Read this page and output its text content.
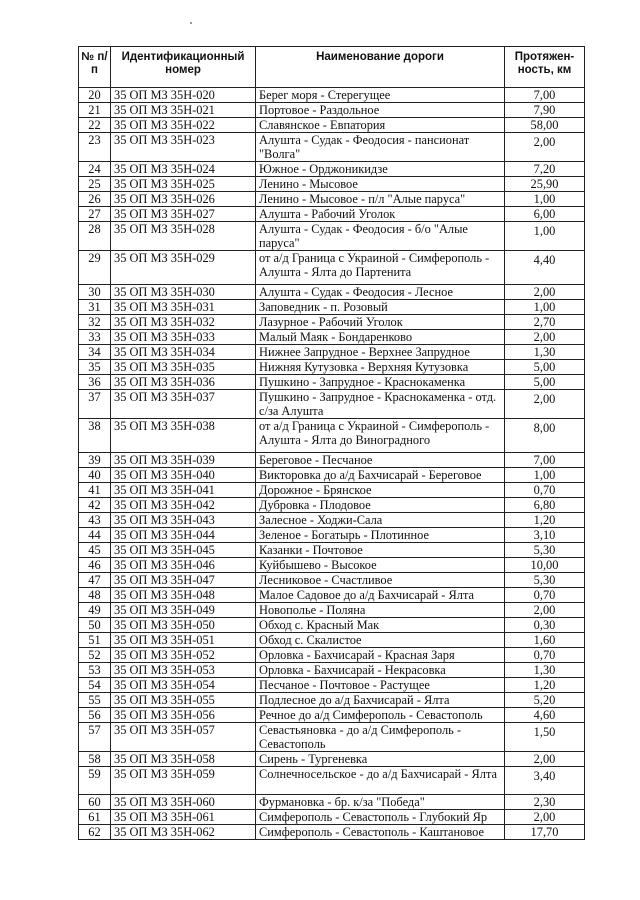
№ п/п	Идентификационный номер	Наименование дороги	Протяжен-ность, км
20	35 ОП МЗ 35Н-020	Берег моря - Стерегущее	7,00
21	35 ОП МЗ 35Н-021	Портовое - Раздольное	7,90
22	35 ОП МЗ 35Н-022	Славянское - Евпатория	58,00
23	35 ОП МЗ 35Н-023	Алушта - Судак - Феодосия - пансионат "Волга"	2,00
24	35 ОП МЗ 35Н-024	Южное - Орджоникидзе	7,20
25	35 ОП МЗ 35Н-025	Ленино - Мысовое	25,90
26	35 ОП МЗ 35Н-026	Ленино - Мысовое - п/л "Алые паруса"	1,00
27	35 ОП МЗ 35Н-027	Алушта - Рабочий Уголок	6,00
28	35 ОП МЗ 35Н-028	Алушта - Судак - Феодосия - б/о "Алые паруса"	1,00
29	35 ОП МЗ 35Н-029	от а/д Граница с Украиной - Симферополь - Алушта - Ялта до Партенита	4,40
30	35 ОП МЗ 35Н-030	Алушта - Судак - Феодосия - Лесное	2,00
31	35 ОП МЗ 35Н-031	Заповедник - п. Розовый	1,00
32	35 ОП МЗ 35Н-032	Лазурное - Рабочий Уголок	2,70
33	35 ОП МЗ 35Н-033	Малый Маяк - Бондаренково	2,00
34	35 ОП МЗ 35Н-034	Нижнее Запрудное - Верхнее Запрудное	1,30
35	35 ОП МЗ 35Н-035	Нижняя Кутузовка - Верхняя Кутузовка	5,00
36	35 ОП МЗ 35Н-036	Пушкино - Запрудное - Краснокаменка	5,00
37	35 ОП МЗ 35Н-037	Пушкино - Запрудное - Краснокаменка - отд. с/за Алушта	2,00
38	35 ОП МЗ 35Н-038	от а/д Граница с Украиной - Симферополь - Алушта - Ялта до Виноградного	8,00
39	35 ОП МЗ 35Н-039	Береговое - Песчаное	7,00
40	35 ОП МЗ 35Н-040	Викторовка до а/д Бахчисарай - Береговое	1,00
41	35 ОП МЗ 35Н-041	Дорожное - Брянское	0,70
42	35 ОП МЗ 35Н-042	Дубровка - Плодовое	6,80
43	35 ОП МЗ 35Н-043	Залесное - Ходжи-Сала	1,20
44	35 ОП МЗ 35Н-044	Зеленое - Богатырь - Плотинное	3,10
45	35 ОП МЗ 35Н-045	Казанки - Почтовое	5,30
46	35 ОП МЗ 35Н-046	Куйбышево - Высокое	10,00
47	35 ОП МЗ 35Н-047	Лесниковое - Счастливое	5,30
48	35 ОП МЗ 35Н-048	Малое Садовое до а/д Бахчисарай - Ялта	0,70
49	35 ОП МЗ 35Н-049	Новополье - Поляна	2,00
50	35 ОП МЗ 35Н-050	Обход с. Красный Мак	0,30
51	35 ОП МЗ 35Н-051	Обход с. Скалистое	1,60
52	35 ОП МЗ 35Н-052	Орловка - Бахчисарай - Красная Заря	0,70
53	35 ОП МЗ 35Н-053	Орловка - Бахчисарай - Некрасовка	1,30
54	35 ОП МЗ 35Н-054	Песчаное - Почтовое - Растущее	1,20
55	35 ОП МЗ 35Н-055	Подлесное до а/д Бахчисарай - Ялта	5,20
56	35 ОП МЗ 35Н-056	Речное до а/д Симферополь - Севастополь	4,60
57	35 ОП МЗ 35Н-057	Севастьяновка - до а/д Симферополь - Севастополь	1,50
58	35 ОП МЗ 35Н-058	Сирень - Тургеневка	2,00
59	35 ОП МЗ 35Н-059	Солнечносельское - до а/д Бахчисарай - Ялта	3,40
60	35 ОП МЗ 35Н-060	Фурмановка - бр. к/за "Победа"	2,30
61	35 ОП МЗ 35Н-061	Симферополь - Севастополь - Глубокий Яр	2,00
62	35 ОП МЗ 35Н-062	Симферополь - Севастополь - Каштановое	17,70
